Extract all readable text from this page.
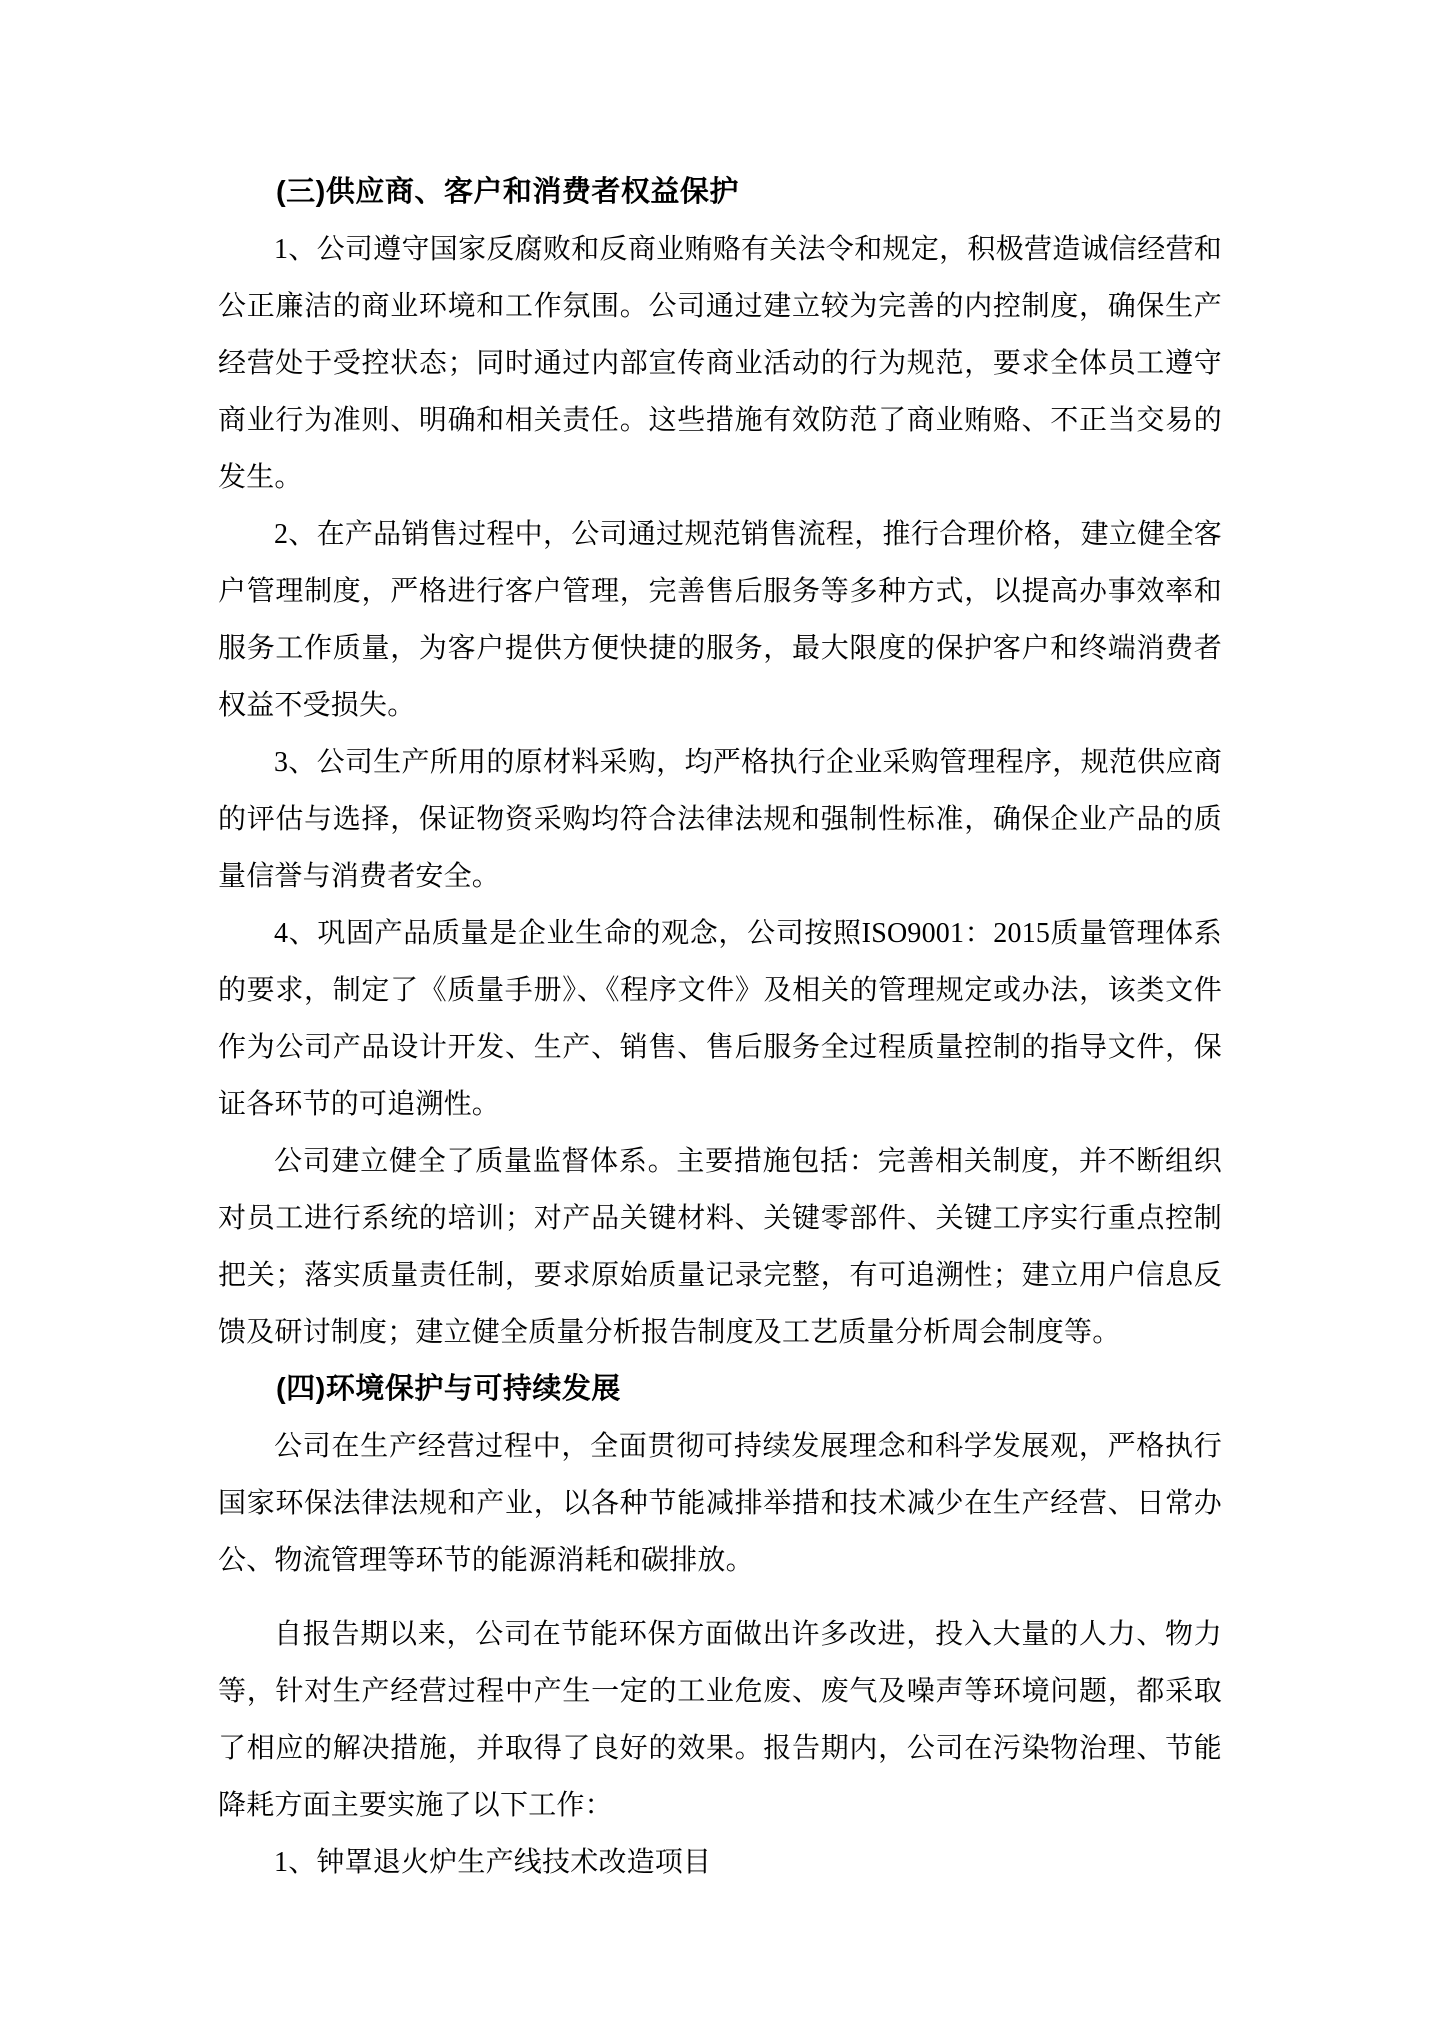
(三)供应商、客户和消费者权益保护

1、公司遵守国家反腐败和反商业贿赂有关法令和规定，积极营造诚信经营和公正廉洁的商业环境和工作氛围。公司通过建立较为完善的内控制度，确保生产经营处于受控状态；同时通过内部宣传商业活动的行为规范，要求全体员工遵守商业行为准则、明确和相关责任。这些措施有效防范了商业贿赂、不正当交易的发生。

2、在产品销售过程中，公司通过规范销售流程，推行合理价格，建立健全客户管理制度，严格进行客户管理，完善售后服务等多种方式，以提高办事效率和服务工作质量，为客户提供方便快捷的服务，最大限度的保护客户和终端消费者权益不受损失。

3、公司生产所用的原材料采购，均严格执行企业采购管理程序，规范供应商的评估与选择，保证物资采购均符合法律法规和强制性标准，确保企业产品的质量信誉与消费者安全。

4、巩固产品质量是企业生命的观念，公司按照ISO9001：2015质量管理体系的要求，制定了《质量手册》、《程序文件》及相关的管理规定或办法，该类文件作为公司产品设计开发、生产、销售、售后服务全过程质量控制的指导文件，保证各环节的可追溯性。

公司建立健全了质量监督体系。主要措施包括：完善相关制度，并不断组织对员工进行系统的培训；对产品关键材料、关键零部件、关键工序实行重点控制把关；落实质量责任制，要求原始质量记录完整，有可追溯性；建立用户信息反馈及研讨制度；建立健全质量分析报告制度及工艺质量分析周会制度等。

(四)环境保护与可持续发展

公司在生产经营过程中，全面贯彻可持续发展理念和科学发展观，严格执行国家环保法律法规和产业，以各种节能减排举措和技术减少在生产经营、日常办公、物流管理等环节的能源消耗和碳排放。

自报告期以来，公司在节能环保方面做出许多改进，投入大量的人力、物力等，针对生产经营过程中产生一定的工业危废、废气及噪声等环境问题，都采取了相应的解决措施，并取得了良好的效果。报告期内，公司在污染物治理、节能降耗方面主要实施了以下工作：

1、钟罩退火炉生产线技术改造项目
